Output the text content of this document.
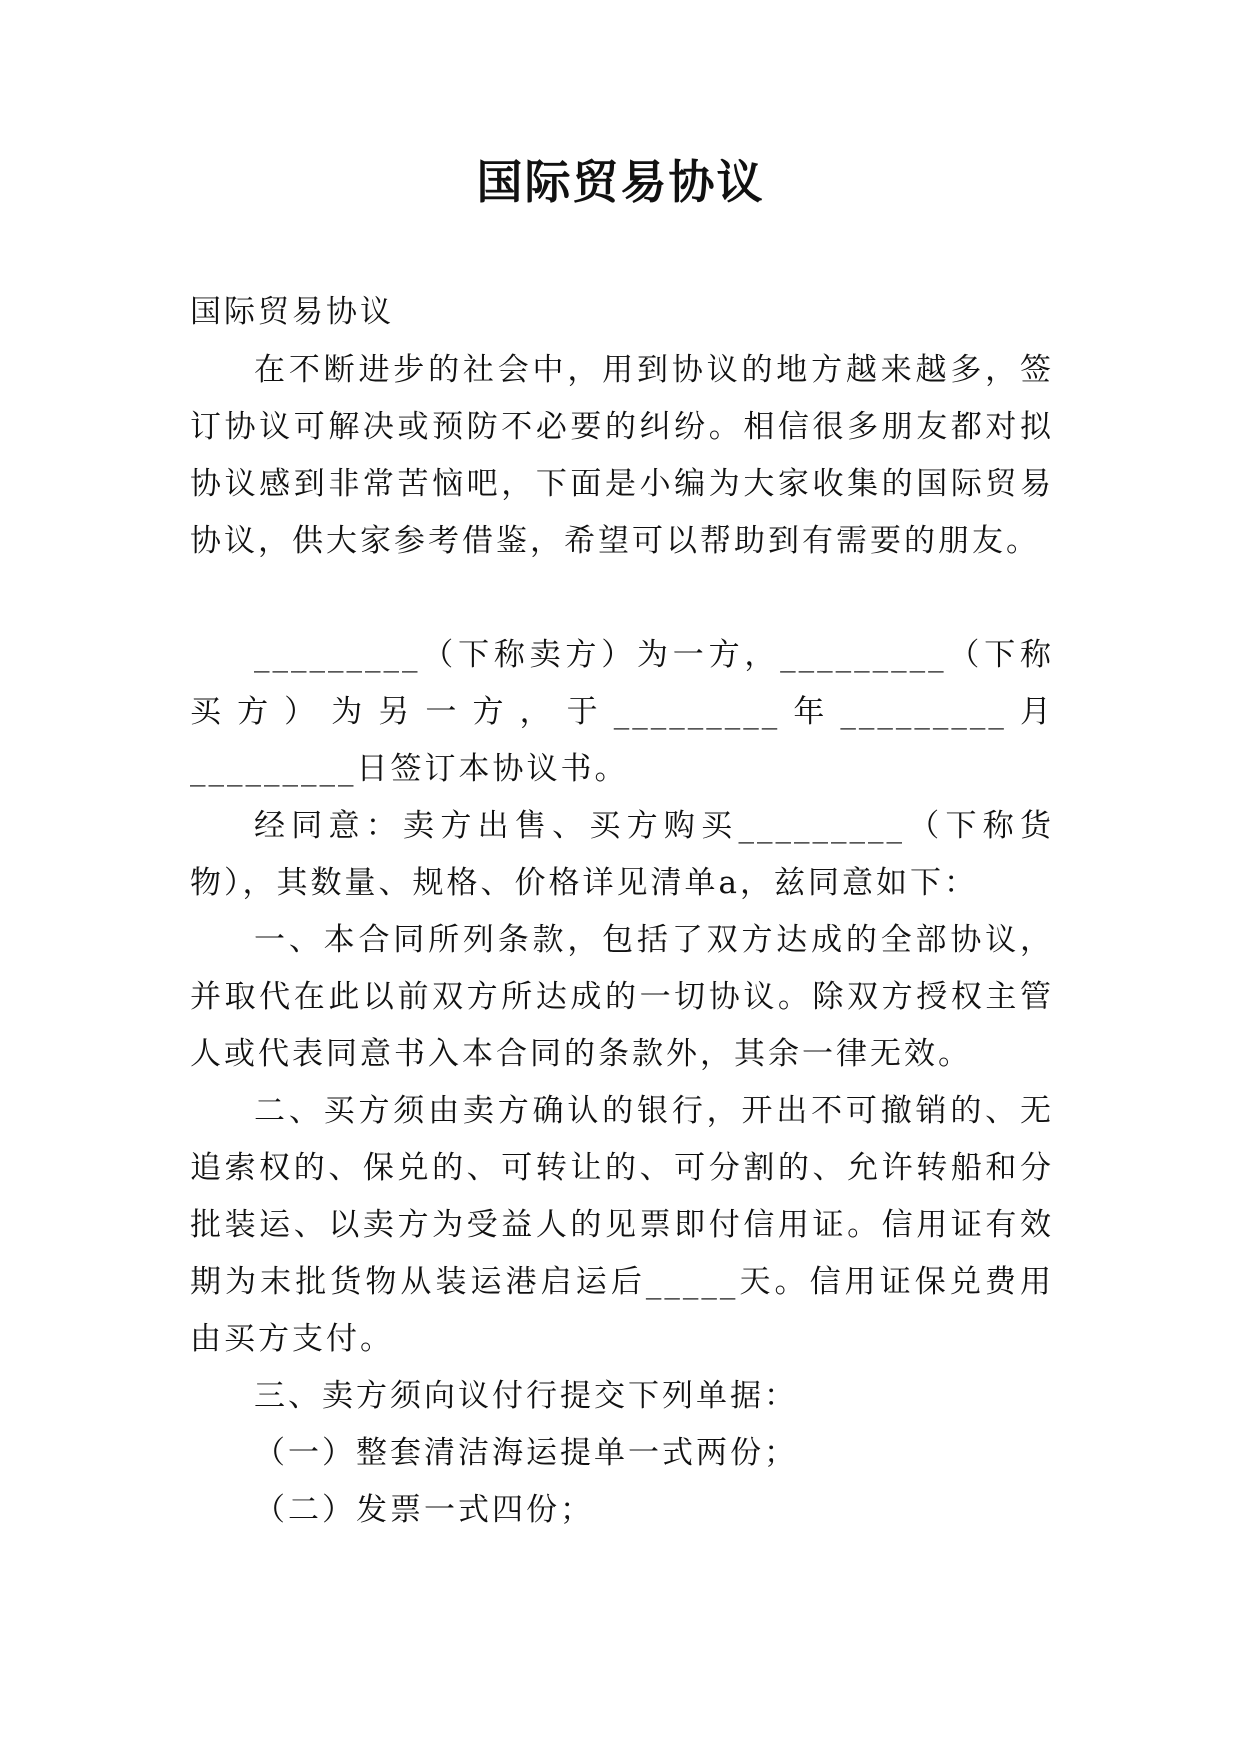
国际贸易协议

国际贸易协议

在不断进步的社会中，用到协议的地方越来越多，签订协议可解决或预防不必要的纠纷。相信很多朋友都对拟协议感到非常苦恼吧，下面是小编为大家收集的国际贸易协议，供大家参考借鉴，希望可以帮助到有需要的朋友。

_________（下称卖方）为一方，_________（下称买方）为另一方，于_________年_________月_________日签订本协议书。

经同意：卖方出售、买方购买_________（下称货物），其数量、规格、价格详见清单a，兹同意如下：

一、本合同所列条款，包括了双方达成的全部协议，并取代在此以前双方所达成的一切协议。除双方授权主管人或代表同意书入本合同的条款外，其余一律无效。

二、买方须由卖方确认的银行，开出不可撤销的、无追索权的、保兑的、可转让的、可分割的、允许转船和分批装运、以卖方为受益人的见票即付信用证。信用证有效期为末批货物从装运港启运后_____天。信用证保兑费用由买方支付。

三、卖方须向议付行提交下列单据：

（一）整套清洁海运提单一式两份；

（二）发票一式四份；
